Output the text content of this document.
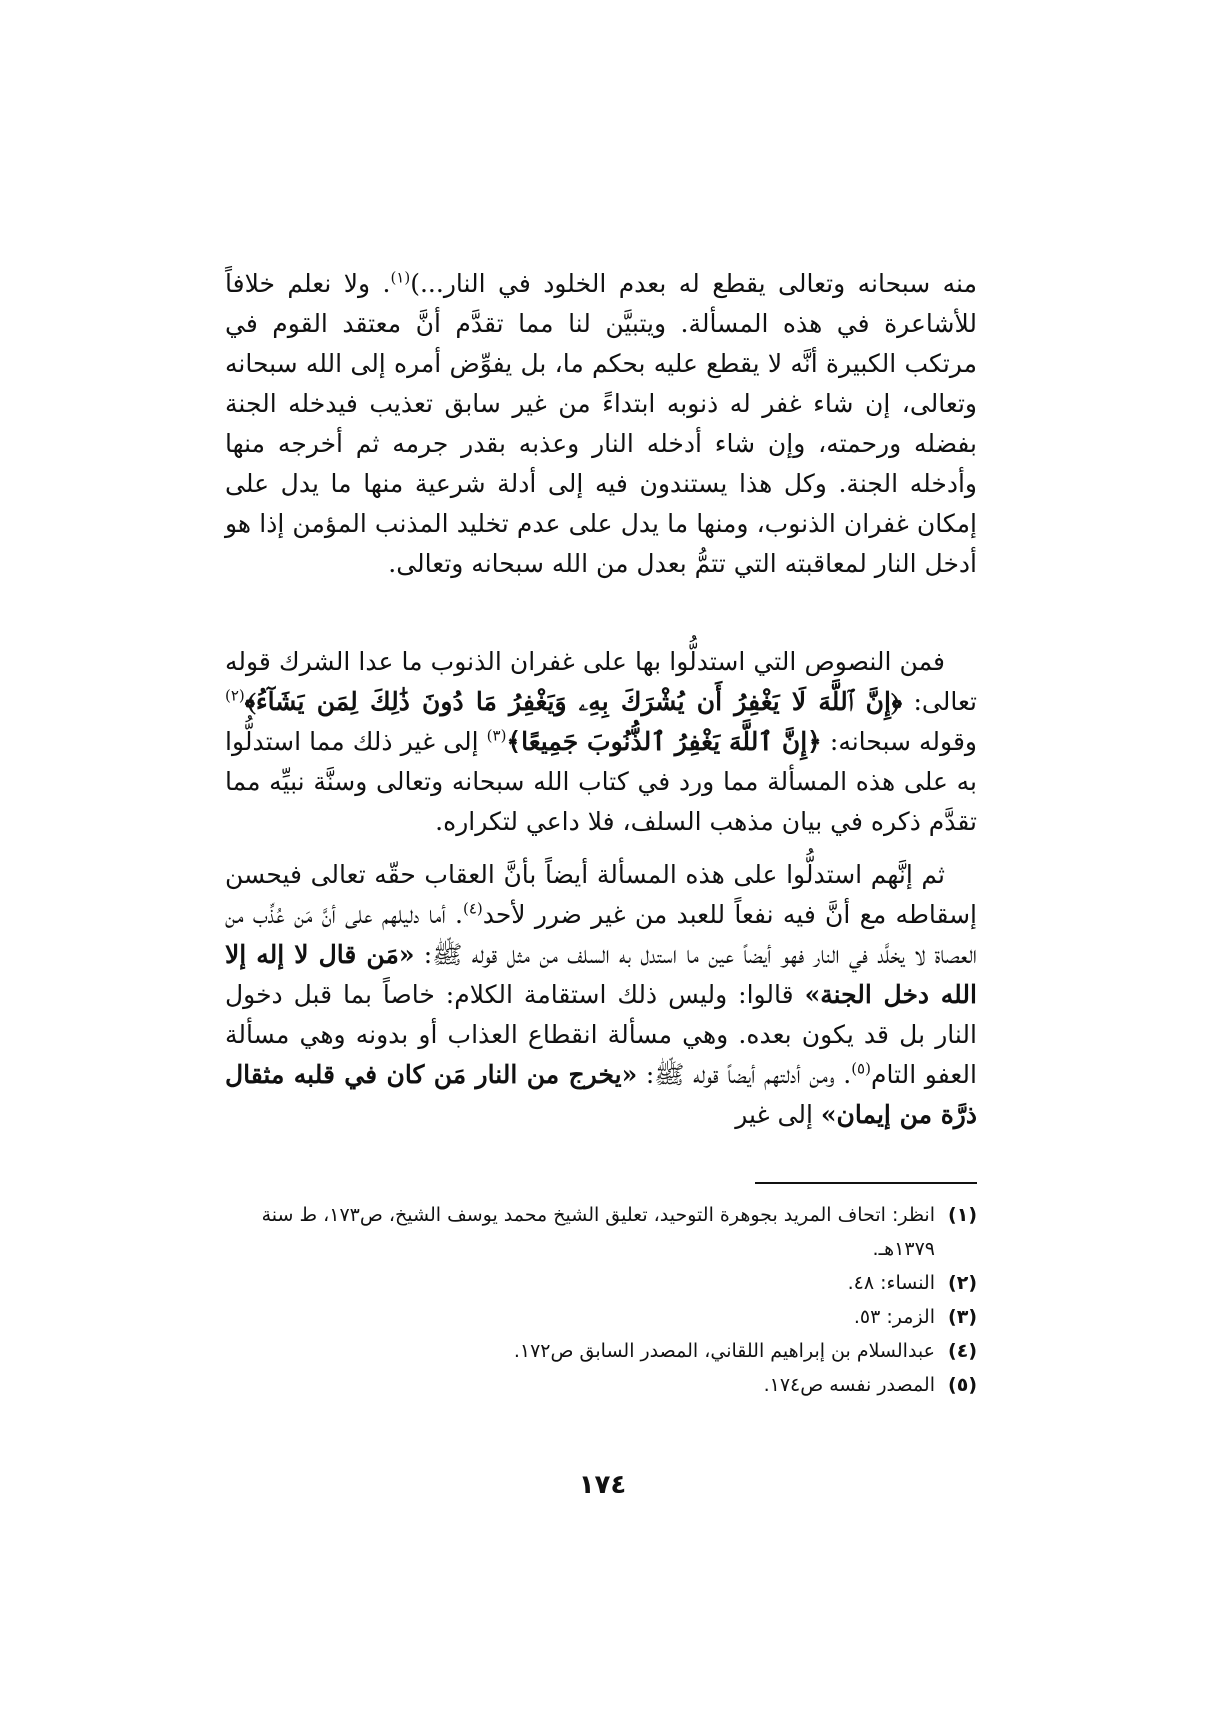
منه سبحانه وتعالى يقطع له بعدم الخلود في النار...)$^{(١)}$. ولا نعلم خلافاً للأشاعرة في هذه المسألة. ويتبيَّن لنا مما تقدَّم أنَّ معتقد القوم في مرتكب الكبيرة أنَّه لا يقطع عليه بحكم ما، بل يفوِّض أمره إلى الله سبحانه وتعالى، إن شاء غفر له ذنوبه ابتداءً من غير سابق تعذيب فيدخله الجنة بفضله ورحمته، وإن شاء أدخله النار وعذبه بقدر جرمه ثم أخرجه منها وأدخله الجنة. وكل هذا يستندون فيه إلى أدلة شرعية منها ما يدل على إمكان غفران الذنوب، ومنها ما يدل على عدم تخليد المذنب المؤمن إذا هو أدخل النار لمعاقبته التي تتمُّ بعدل من الله سبحانه وتعالى.

فمن النصوص التي استدلُّوا بها على غفران الذنوب ما عدا الشرك قوله تعالى: ﴿إِنَّ ٱللَّهَ لَا يَغْفِرُ أَن يُشْرَكَ بِهِۦ وَيَغْفِرُ مَا دُونَ ذَٰلِكَ لِمَن يَشَآءُ﴾$^{(٢)}$ وقوله سبحانه: ﴿إِنَّ ٱللَّهَ يَغْفِرُ ٱلذُّنُوبَ جَمِيعًا﴾$^{(٣)}$ إلى غير ذلك مما استدلُّوا به على هذه المسألة مما ورد في كتاب الله سبحانه وتعالى وسنَّة نبيِّه مما تقدَّم ذكره في بيان مذهب السلف، فلا داعي لتكراره.

ثم إنَّهم استدلُّوا على هذه المسألة أيضاً بأنَّ العقاب حقّه تعالى فيحسن إسقاطه مع أنَّ فيه نفعاً للعبد من غير ضرر لأحد$^{(٤)}$. أما دليلهم على أنَّ مَن عُذِّب من العصاة لا يخلَّد في النار فهو أيضاً عين ما استدل به السلف من مثل قوله ﷺ: «مَن قال لا إله إلا الله دخل الجنة» قالوا: وليس ذلك استقامة الكلام: خاصاً بما قبل دخول النار بل قد يكون بعده. وهي مسألة انقطاع العذاب أو بدونه وهي مسألة العفو التام$^{(٥)}$. ومن أدلتهم أيضاً قوله ﷺ: «يخرج من النار مَن كان في قلبه مثقال ذرَّة من إيمان» إلى غير

(١)
انظر: اتحاف المريد بجوهرة التوحيد، تعليق الشيخ محمد يوسف الشيخ، ص١٧٣، ط سنة ١٣٧٩هـ.
(٢)
النساء: ٤٨.
(٣)
الزمر: ٥٣.
(٤)
عبدالسلام بن إبراهيم اللقاني، المصدر السابق ص١٧٢.
(٥)
المصدر نفسه ص١٧٤.
١٧٤
